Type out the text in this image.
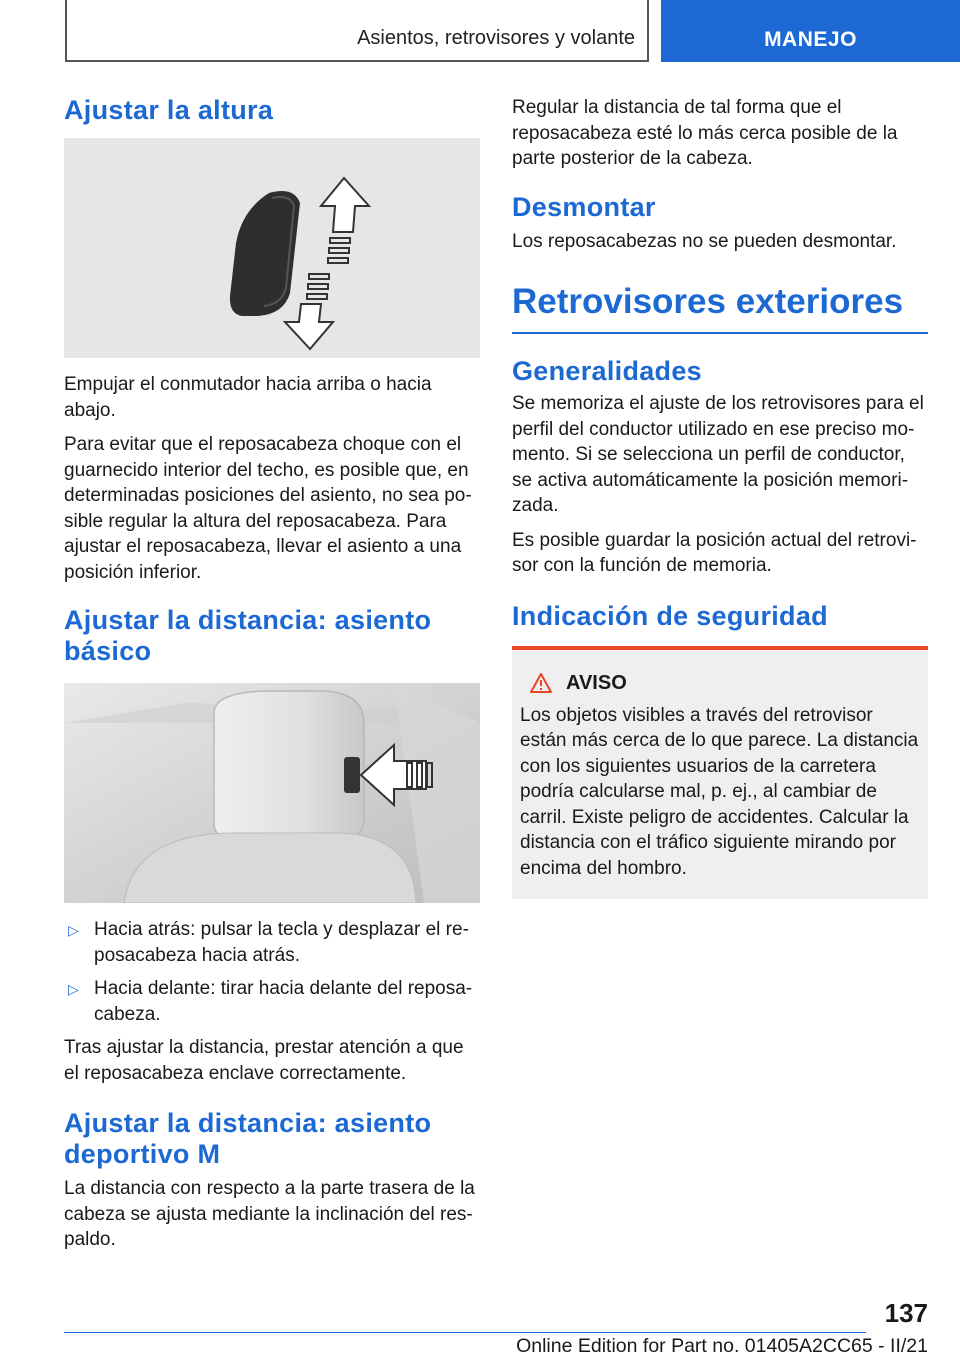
Asientos, retrovisores y volante	MANEJO
Ajustar la altura

Empujar el conmutador hacia arriba o hacia abajo.

Para evitar que el reposacabeza choque con el guarnecido interior del techo, es posible que, en determinadas posiciones del asiento, no sea posible regular la altura del reposacabeza. Para ajustar el reposacabeza, llevar el asiento a una posición inferior.

Ajustar la distancia: asiento básico
▷ Hacia atrás: pulsar la tecla y desplazar el reposacabeza hacia atrás.
▷ Hacia delante: tirar hacia delante del reposacabeza.

Tras ajustar la distancia, prestar atención a que el reposacabeza enclave correctamente.

Ajustar la distancia: asiento deportivo M

La distancia con respecto a la parte trasera de la cabeza se ajusta mediante la inclinación del respaldo.

Regular la distancia de tal forma que el reposacabeza esté lo más cerca posible de la parte posterior de la cabeza.

Desmontar

Los reposacabezas no se pueden desmontar.

Retrovisores exteriores
Generalidades

Se memoriza el ajuste de los retrovisores para el perfil del conductor utilizado en ese preciso momento. Si se selecciona un perfil de conductor, se activa automáticamente la posición memorizada.

Es posible guardar la posición actual del retrovisor con la función de memoria.

Indicación de seguridad
AVISO

Los objetos visibles a través del retrovisor están más cerca de lo que parece. La distancia con los siguientes usuarios de la carretera podría calcularse mal, p. ej., al cambiar de carril. Existe peligro de accidentes. Calcular la distancia con el tráfico siguiente mirando por encima del hombro.

137
Online Edition for Part no. 01405A2CC65 - II/21
